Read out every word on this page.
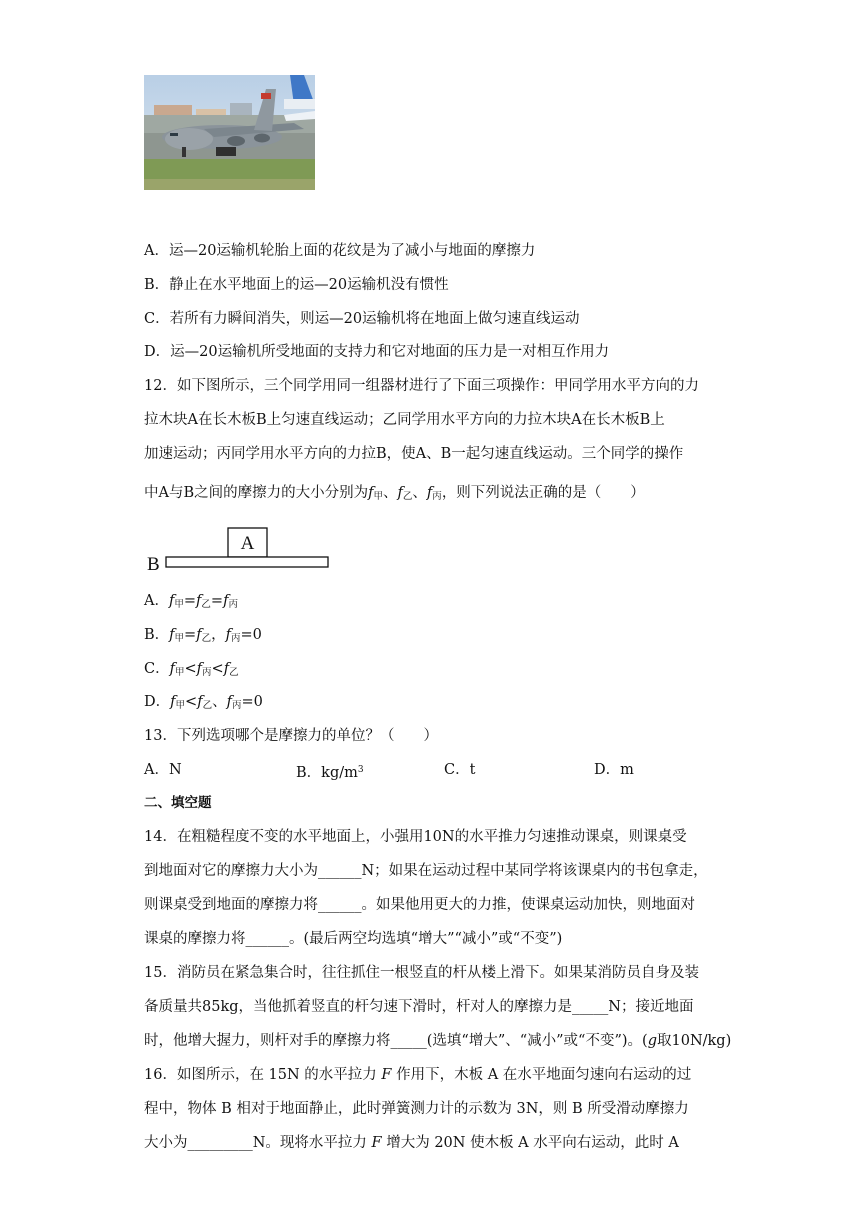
A．运—20运输机轮胎上面的花纹是为了减小与地面的摩擦力
B．静止在水平地面上的运—20运输机没有惯性
C．若所有力瞬间消失，则运—20运输机将在地面上做匀速直线运动
D．运—20运输机所受地面的支持力和它对地面的压力是一对相互作用力
12．如下图所示，三个同学用同一组器材进行了下面三项操作：甲同学用水平方向的力
拉木块A在长木板B上匀速直线运动；乙同学用水平方向的力拉木块A在长木板B上
加速运动；丙同学用水平方向的力拉B，使A、B一起匀速直线运动。三个同学的操作
中A与B之间的摩擦力的大小分别为$f_甲$、$f_乙$、$f_丙$，则下列说法正确的是（　　）
A
B
A．$f_甲=f_乙=f_丙$
B．$f_甲=f_乙$，$f_丙=0$
C．$f_甲<f_丙<f_乙$
D．$f_甲<f_乙$、$f_丙=0$
13．下列选项哪个是摩擦力的单位？（　　）
A．N	B．$kg/m^3$	C．t	D．m
二、填空题
14．在粗糙程度不变的水平地面上，小强用10N的水平推力匀速推动课桌，则课桌受
到地面对它的摩擦力大小为______N；如果在运动过程中某同学将该课桌内的书包拿走，
则课桌受到地面的摩擦力将______。如果他用更大的力推，使课桌运动加快，则地面对
课桌的摩擦力将______。(最后两空均选填“增大”“减小”或“不变”)
15．消防员在紧急集合时，往往抓住一根竖直的杆从楼上滑下。如果某消防员自身及装
备质量共85kg，当他抓着竖直的杆匀速下滑时，杆对人的摩擦力是_____N；接近地面
时，他增大握力，则杆对手的摩擦力将_____(选填“增大”、“减小”或“不变”)。(g取10N/kg)
16．如图所示，在 15N 的水平拉力 F 作用下，木板 A 在水平地面匀速向右运动的过
程中，物体 B 相对于地面静止，此时弹簧测力计的示数为 3N，则 B 所受滑动摩擦力
大小为_________N。现将水平拉力 F 增大为 20N 使木板 A 水平向右运动，此时 A
